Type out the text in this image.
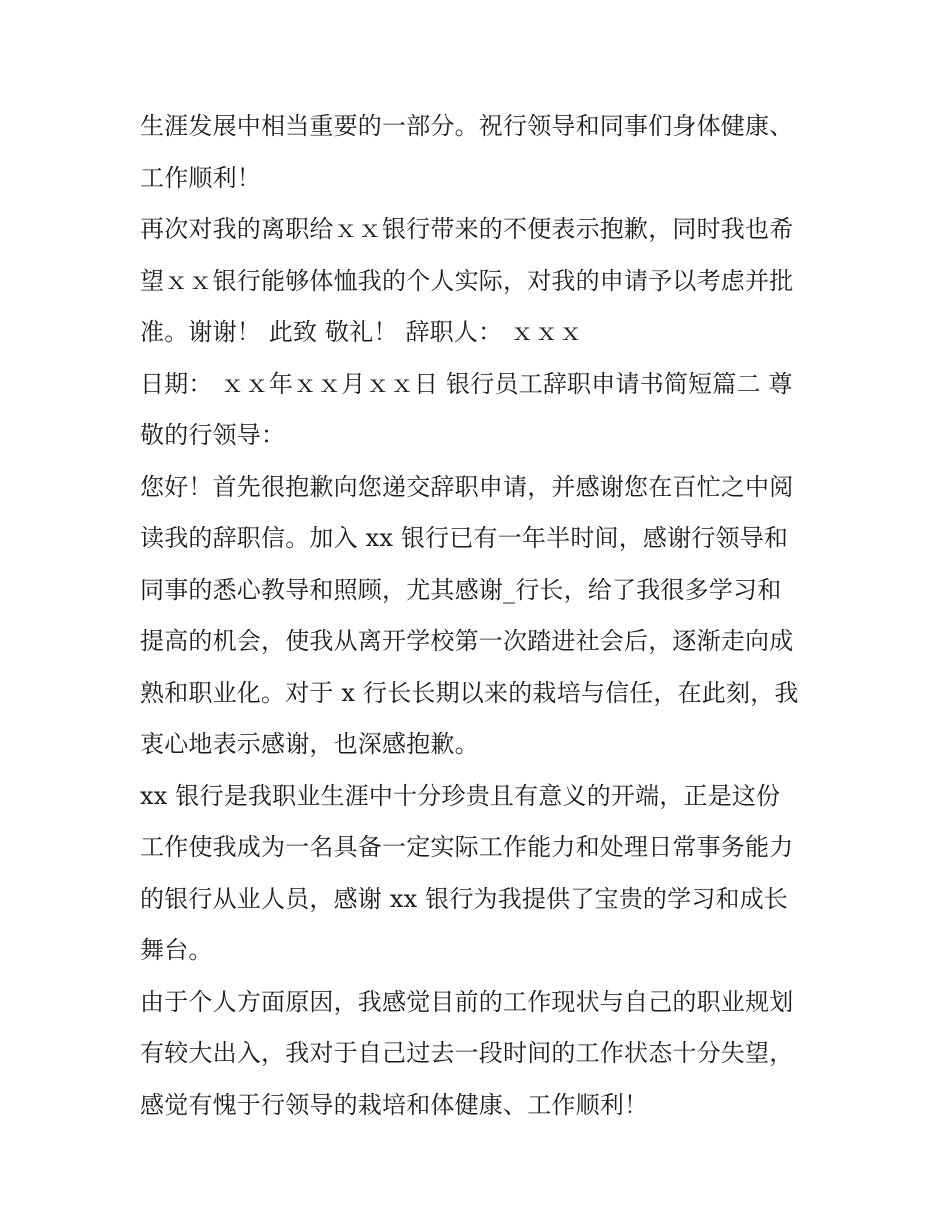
生涯发展中相当重要的一部分。祝行领导和同事们身体健康、
工作顺利！
再次对我的离职给ｘｘ银行带来的不便表示抱歉，同时我也希
望ｘｘ银行能够体恤我的个人实际，对我的申请予以考虑并批
准。谢谢！ 此致 敬礼！ 辞职人： ｘｘｘ
日期： ｘｘ年ｘｘ月ｘｘ日 银行员工辞职申请书简短篇二 尊
敬的行领导：
您好！首先很抱歉向您递交辞职申请，并感谢您在百忙之中阅
读我的辞职信。加入 xx 银行已有一年半时间，感谢行领导和
同事的悉心教导和照顾，尤其感谢_行长，给了我很多学习和
提高的机会，使我从离开学校第一次踏进社会后，逐渐走向成
熟和职业化。对于 x 行长长期以来的栽培与信任，在此刻，我
衷心地表示感谢，也深感抱歉。
xx 银行是我职业生涯中十分珍贵且有意义的开端，正是这份
工作使我成为一名具备一定实际工作能力和处理日常事务能力
的银行从业人员，感谢 xx 银行为我提供了宝贵的学习和成长
舞台。
由于个人方面原因，我感觉目前的工作现状与自己的职业规划
有较大出入，我对于自己过去一段时间的工作状态十分失望，
感觉有愧于行领导的栽培和体健康、工作顺利！
